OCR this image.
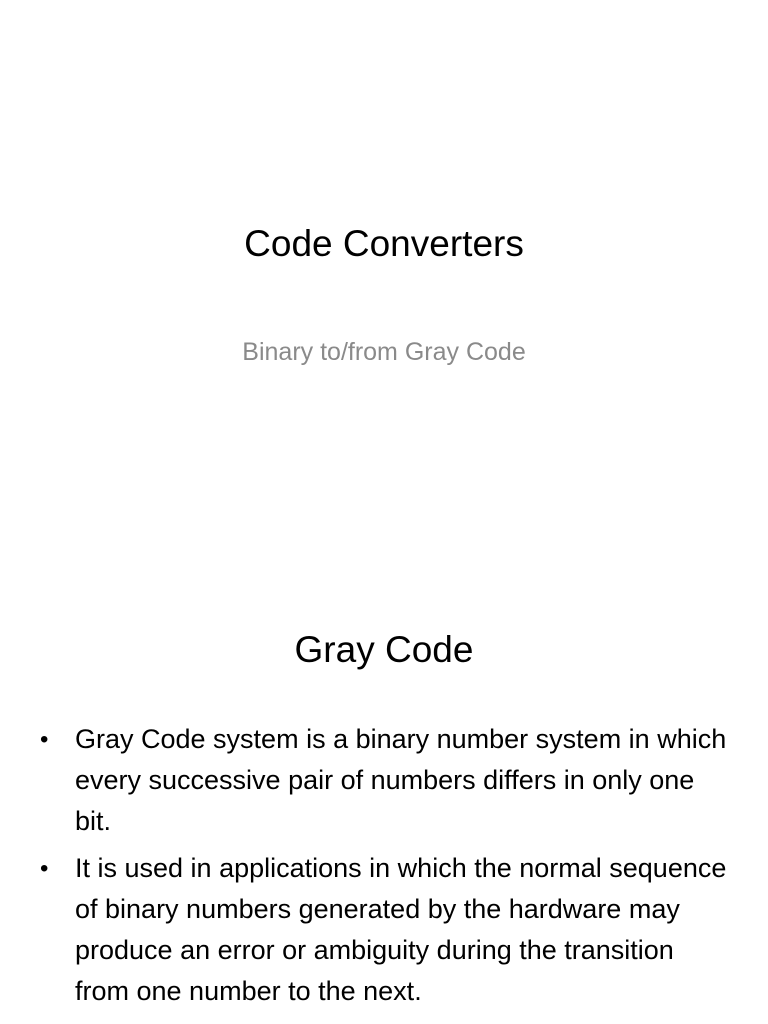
Code Converters
Binary to/from Gray Code
Gray Code
• Gray Code system is a binary number system in which every successive pair of numbers differs in only one bit.
• It is used in applications in which the normal sequence of binary numbers generated by the hardware may produce an error or ambiguity during the transition from one number to the next.
